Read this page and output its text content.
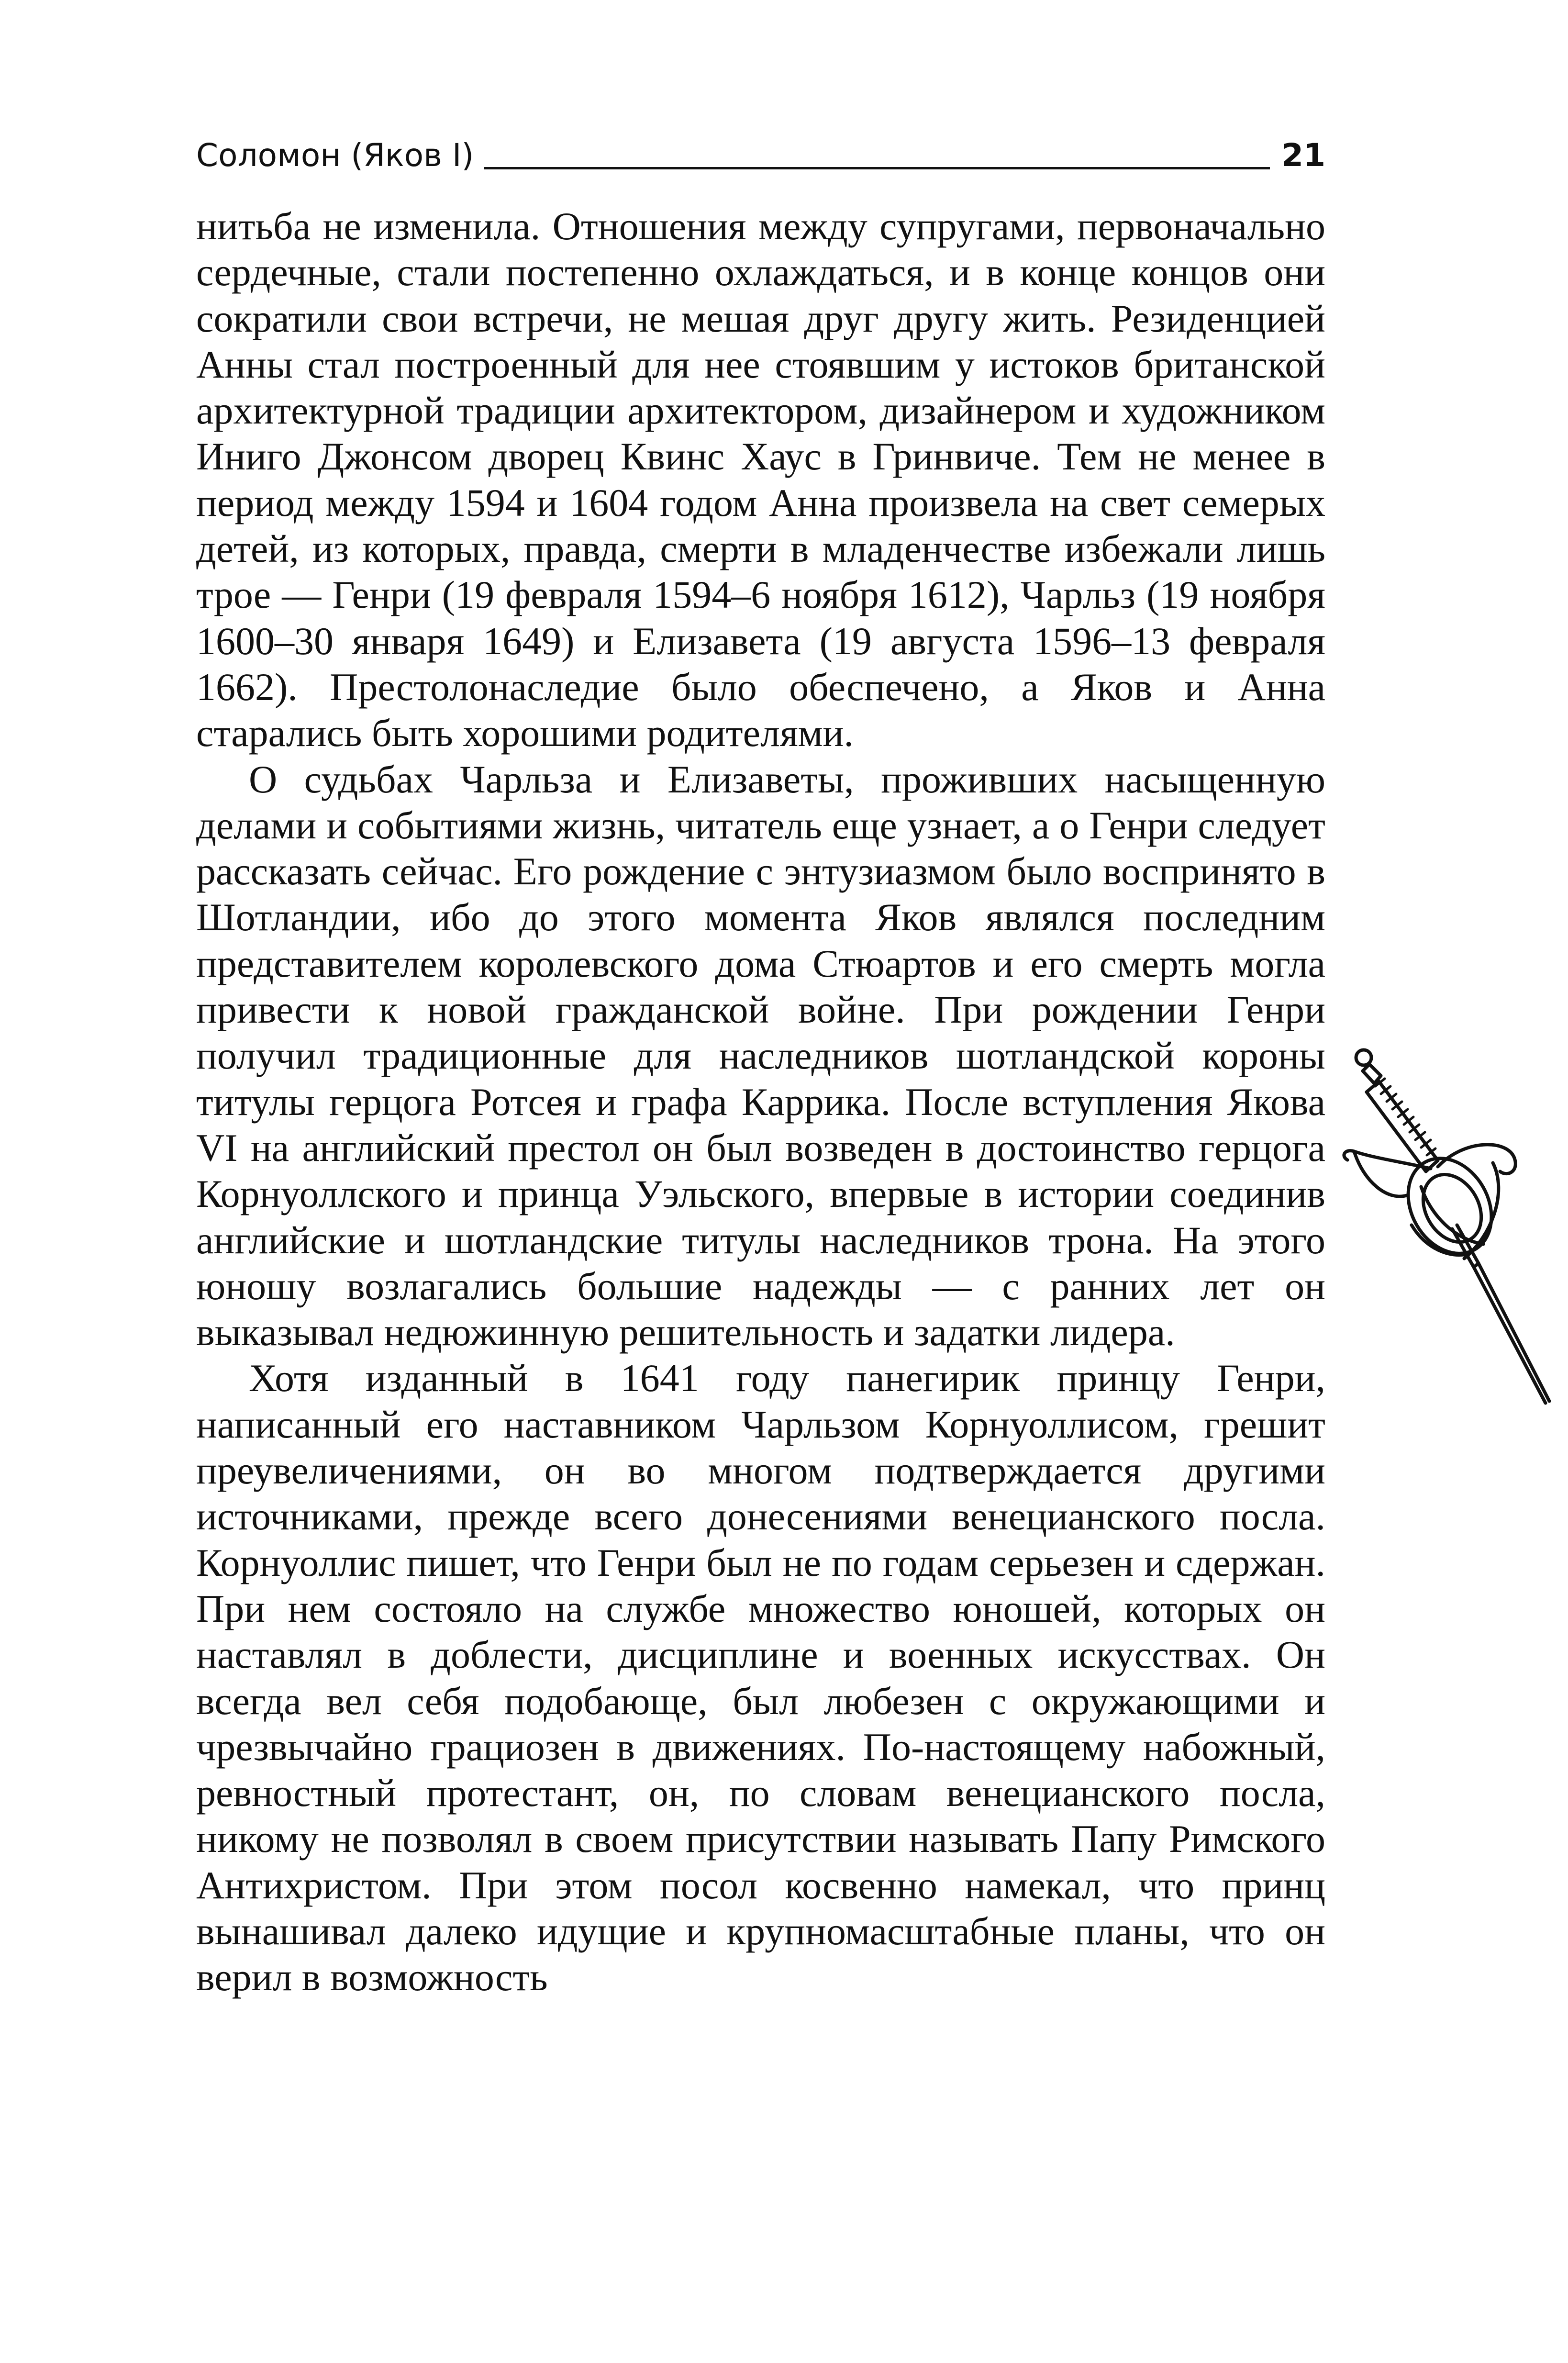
Соломон (Яков I)	21

нитьба не изменила. Отношения между супругами, первоначально сердечные, стали постепенно охлаждаться, и в конце концов они сократили свои встречи, не мешая друг другу жить. Резиденцией Анны стал построенный для нее стоявшим у истоков британской архитектурной традиции архитектором, дизайнером и художником Иниго Джонсом дворец Квинс Хаус в Гринвиче. Тем не менее в период между 1594 и 1604 годом Анна произвела на свет семерых детей, из которых, правда, смерти в младенчестве избежали лишь трое — Генри (19 февраля 1594–6 ноября 1612), Чарльз (19 ноября 1600–30 января 1649) и Елизавета (19 августа 1596–13 февраля 1662). Престолонаследие было обеспечено, а Яков и Анна старались быть хорошими родителями.

О судьбах Чарльза и Елизаветы, проживших насыщенную делами и событиями жизнь, читатель еще узнает, а о Генри следует рассказать сейчас. Его рождение с энтузиазмом было воспринято в Шотландии, ибо до этого момента Яков являлся последним представителем королевского дома Стюартов и его смерть могла привести к новой гражданской войне. При рождении Генри получил традиционные для наследников шотландской короны титулы герцога Ротсея и графа Каррика. После вступления Якова VI на английский престол он был возведен в достоинство герцога Корнуоллского и принца Уэльского, впервые в истории соединив английские и шотландские титулы наследников трона. На этого юношу возлагались большие надежды — с ранних лет он выказывал недюжинную решительность и задатки лидера.

Хотя изданный в 1641 году панегирик принцу Генри, написанный его наставником Чарльзом Корнуоллисом, грешит преувеличениями, он во многом подтверждается другими источниками, прежде всего донесениями венецианского посла. Корнуоллис пишет, что Генри был не по годам серьезен и сдержан. При нем состояло на службе множество юношей, которых он наставлял в доблести, дисциплине и военных искусствах. Он всегда вел себя подобающе, был любезен с окружающими и чрезвычайно грациозен в движениях. По-настоящему набожный, ревностный протестант, он, по словам венецианского посла, никому не позволял в своем присутствии называть Папу Римского Антихристом. При этом посол косвенно намекал, что принц вынашивал далеко идущие и крупномасштабные планы, что он верил в возможность
